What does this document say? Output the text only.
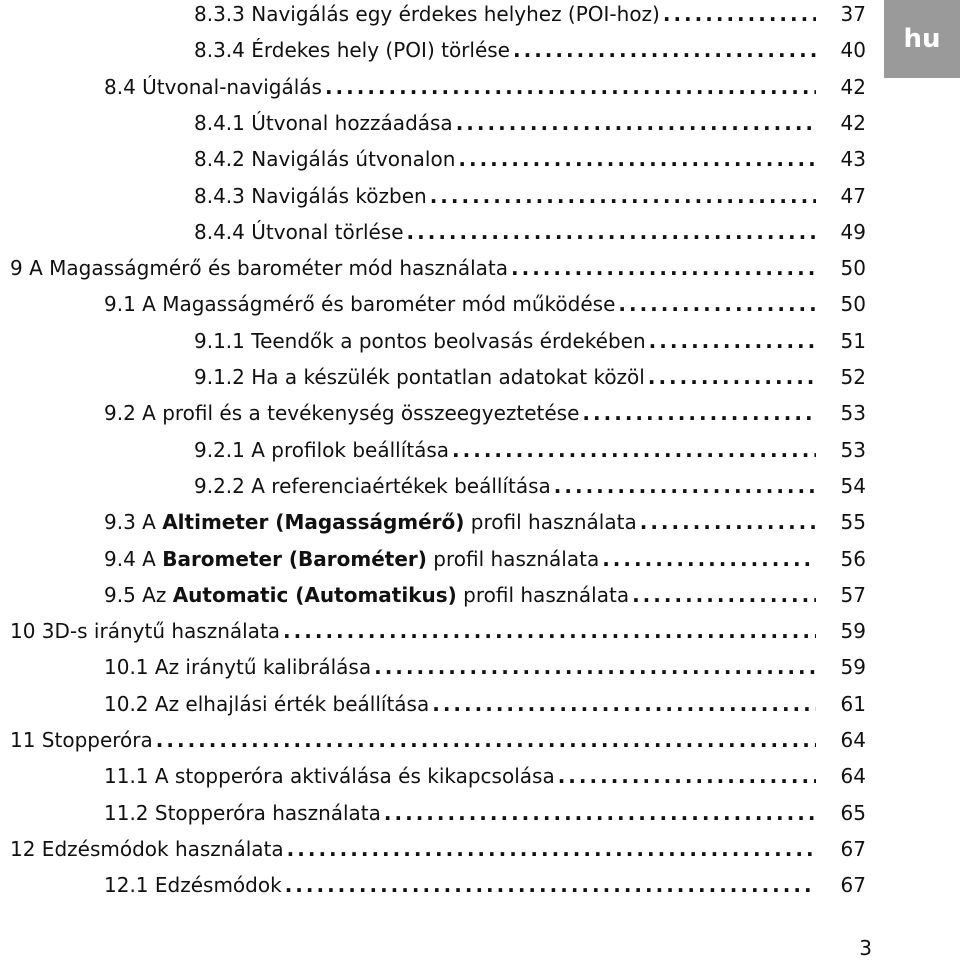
hu
8.3.3 Navigálás egy érdekes helyhez (POI-hoz) .....	37
8.3.4 Érdekes hely (POI) törlése .....	40
8.4 Útvonal-navigálás .....	42
8.4.1 Útvonal hozzáadása .....	42
8.4.2 Navigálás útvonalon .....	43
8.4.3 Navigálás közben .....	47
8.4.4 Útvonal törlése .....	49
9 A Magasságmérő és barométer mód használata .....	50
9.1 A Magasságmérő és barométer mód működése .....	50
9.1.1 Teendők a pontos beolvasás érdekében .....	51
9.1.2 Ha a készülék pontatlan adatokat közöl .....	52
9.2 A profil és a tevékenység összeegyeztetése .....	53
9.2.1 A profilok beállítása .....	53
9.2.2 A referenciaértékek beállítása .....	54
9.3 A Altimeter (Magasságmérő) profil használata .....	55
9.4 A Barometer (Barométer) profil használata .....	56
9.5 Az Automatic (Automatikus) profil használata .....	57
10 3D-s iránytű használata .....	59
10.1 Az iránytű kalibrálása .....	59
10.2 Az elhajlási érték beállítása .....	61
11 Stopperóra .....	64
11.1 A stopperóra aktiválása és kikapcsolása .....	64
11.2 Stopperóra használata .....	65
12 Edzésmódok használata .....	67
12.1 Edzésmódok .....	67
3
